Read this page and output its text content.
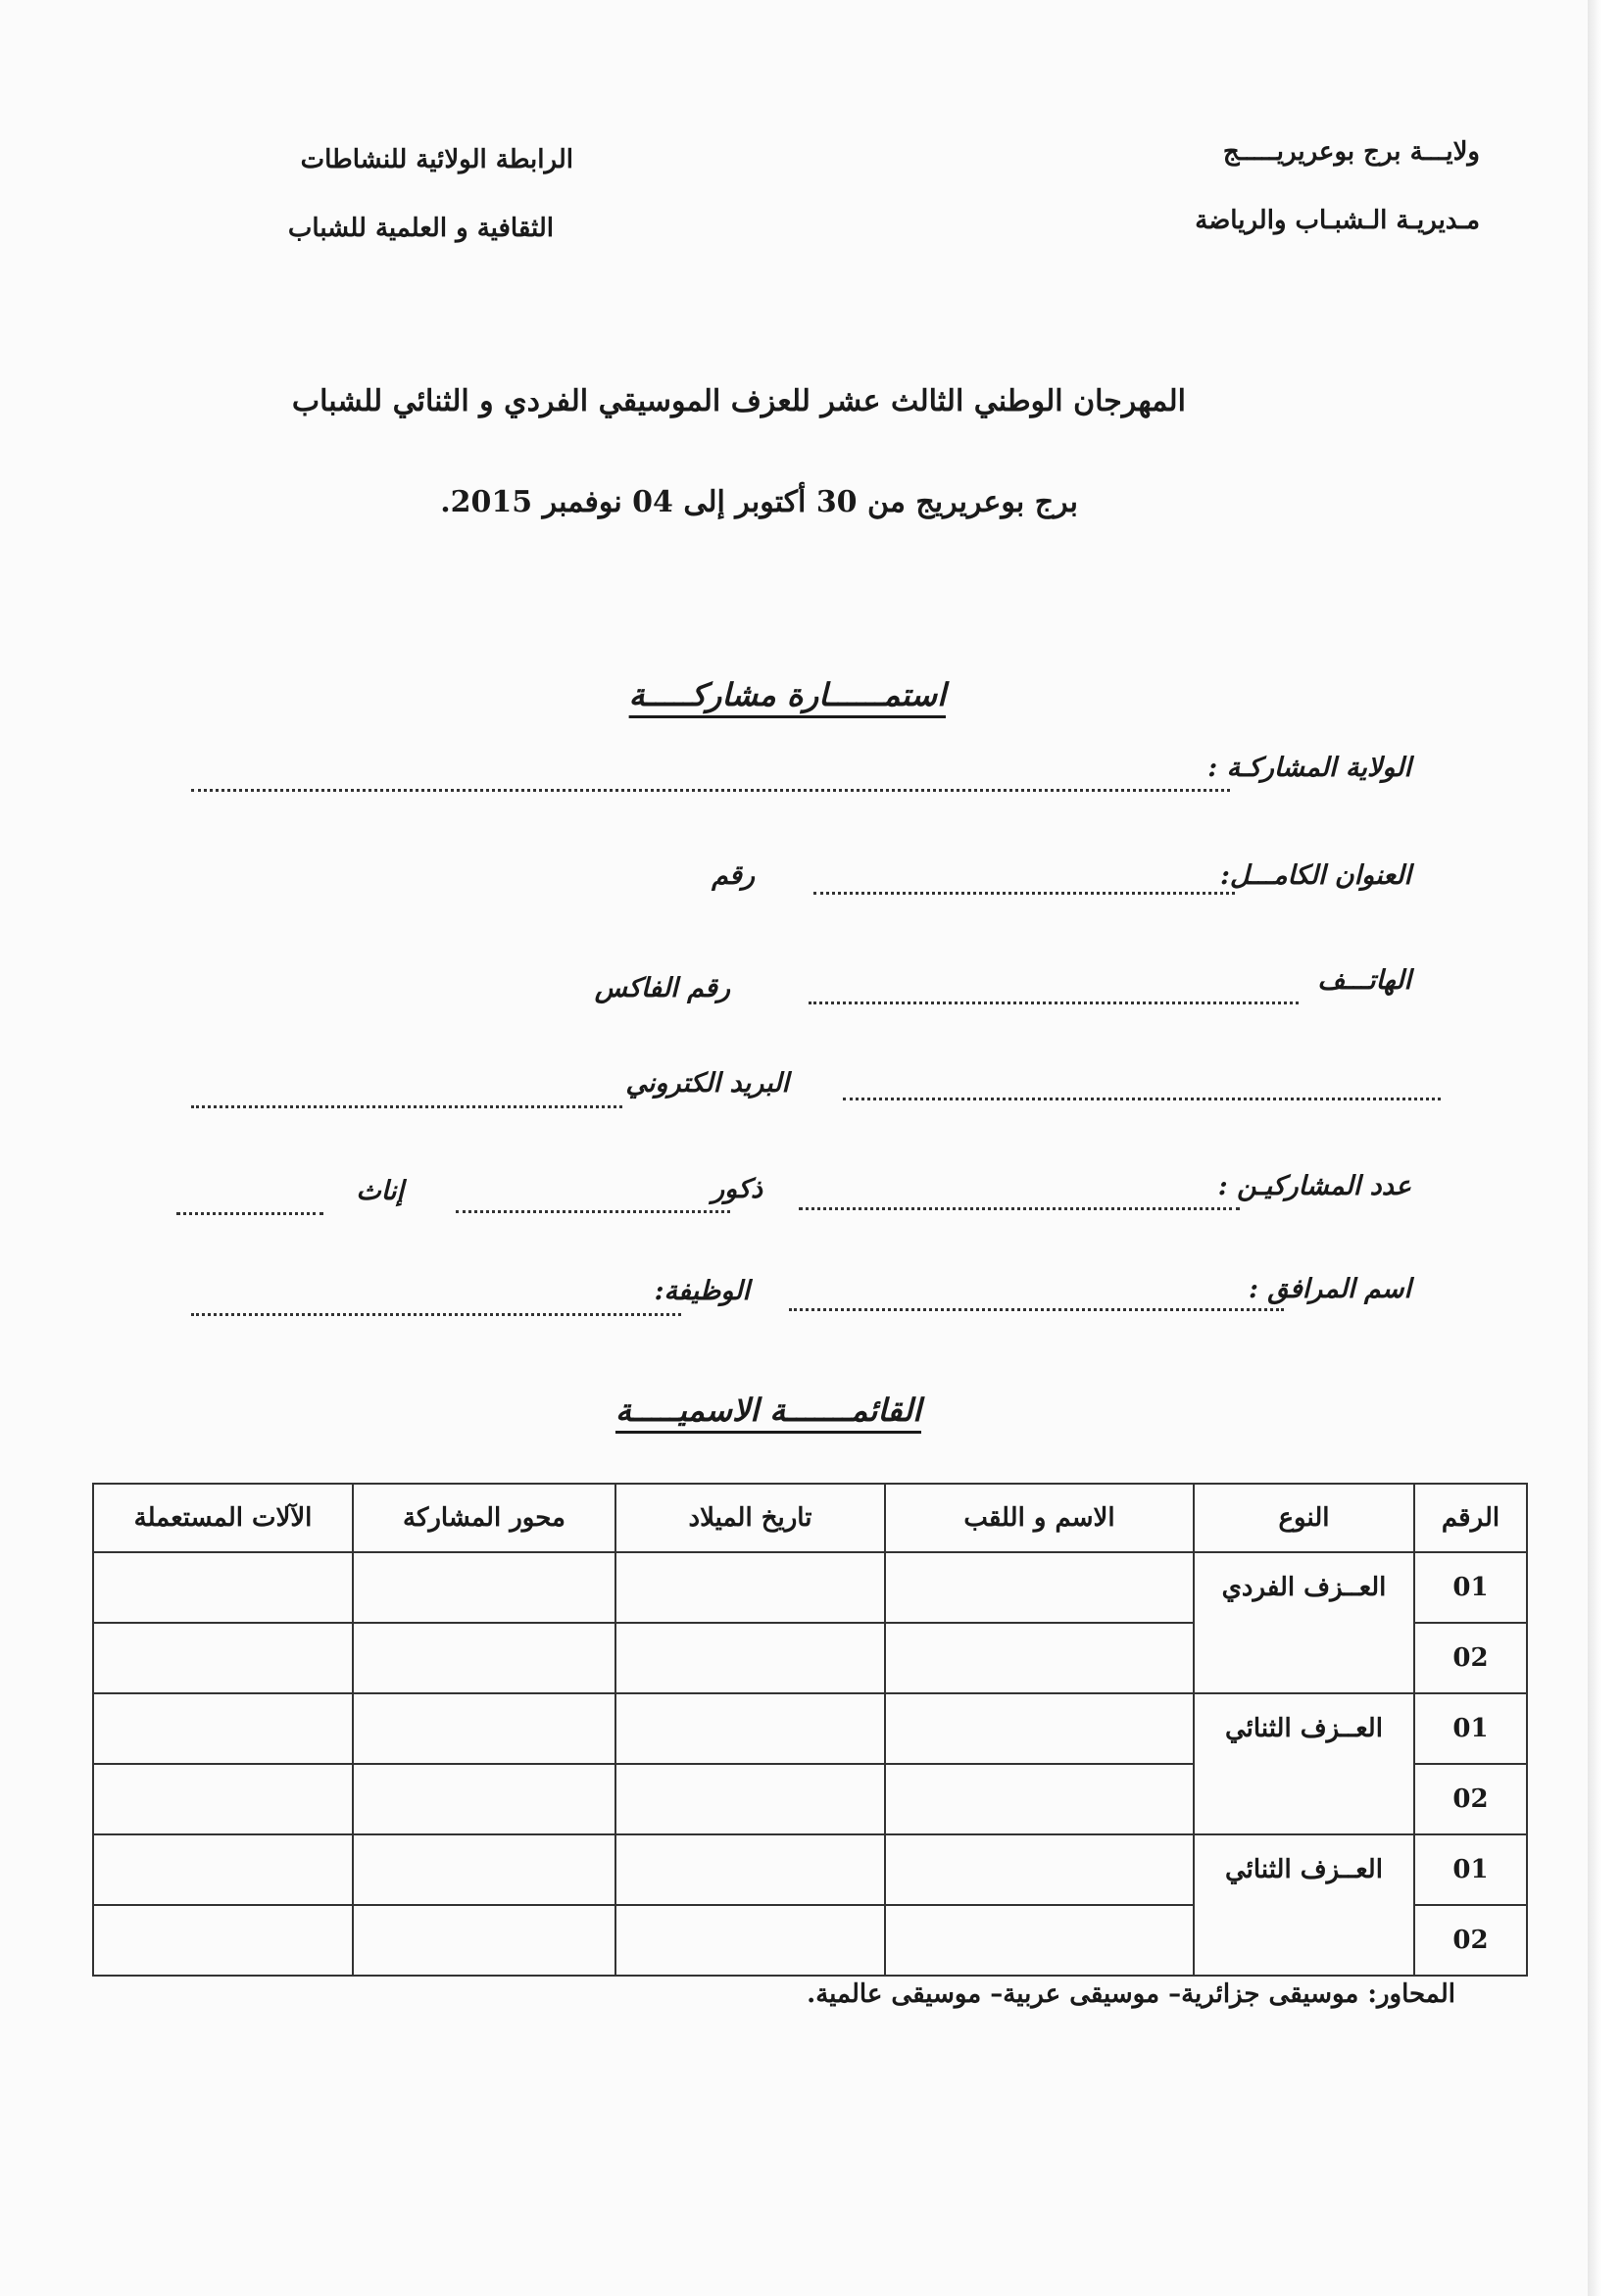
ولايـــة برج بوعريريـــــج
مـديريـة الـشبـاب والرياضة
الرابطة الولائية للنشاطات
الثقافية و العلمية للشباب
المهرجان الوطني الثالث عشر للعزف الموسيقي الفردي و الثنائي للشباب
برج بوعريريج من 30 أكتوبر إلى 04 نوفمبر 2015.
استمــــــارة مشاركـــــة
الولاية المشاركـة :
العنوان الكامـــل:
رقم
الهاتـــف
رقم الفاكس
البريد الكتروني
عدد المشاركيـن :
ذكور
إناث
اسم المرافق :
الوظيفة:
القائمـــــــة الاسميـــــة
الرقم	النوع	الاسم و اللقب	تاريخ الميلاد	محور المشاركة	الآلات المستعملة
01	العــزف الفردي				
02					
01	العــزف الثنائي				
02					
01	العــزف الثنائي				
02					
المحاور: موسيقى جزائرية– موسيقى عربية– موسيقى عالمية.
